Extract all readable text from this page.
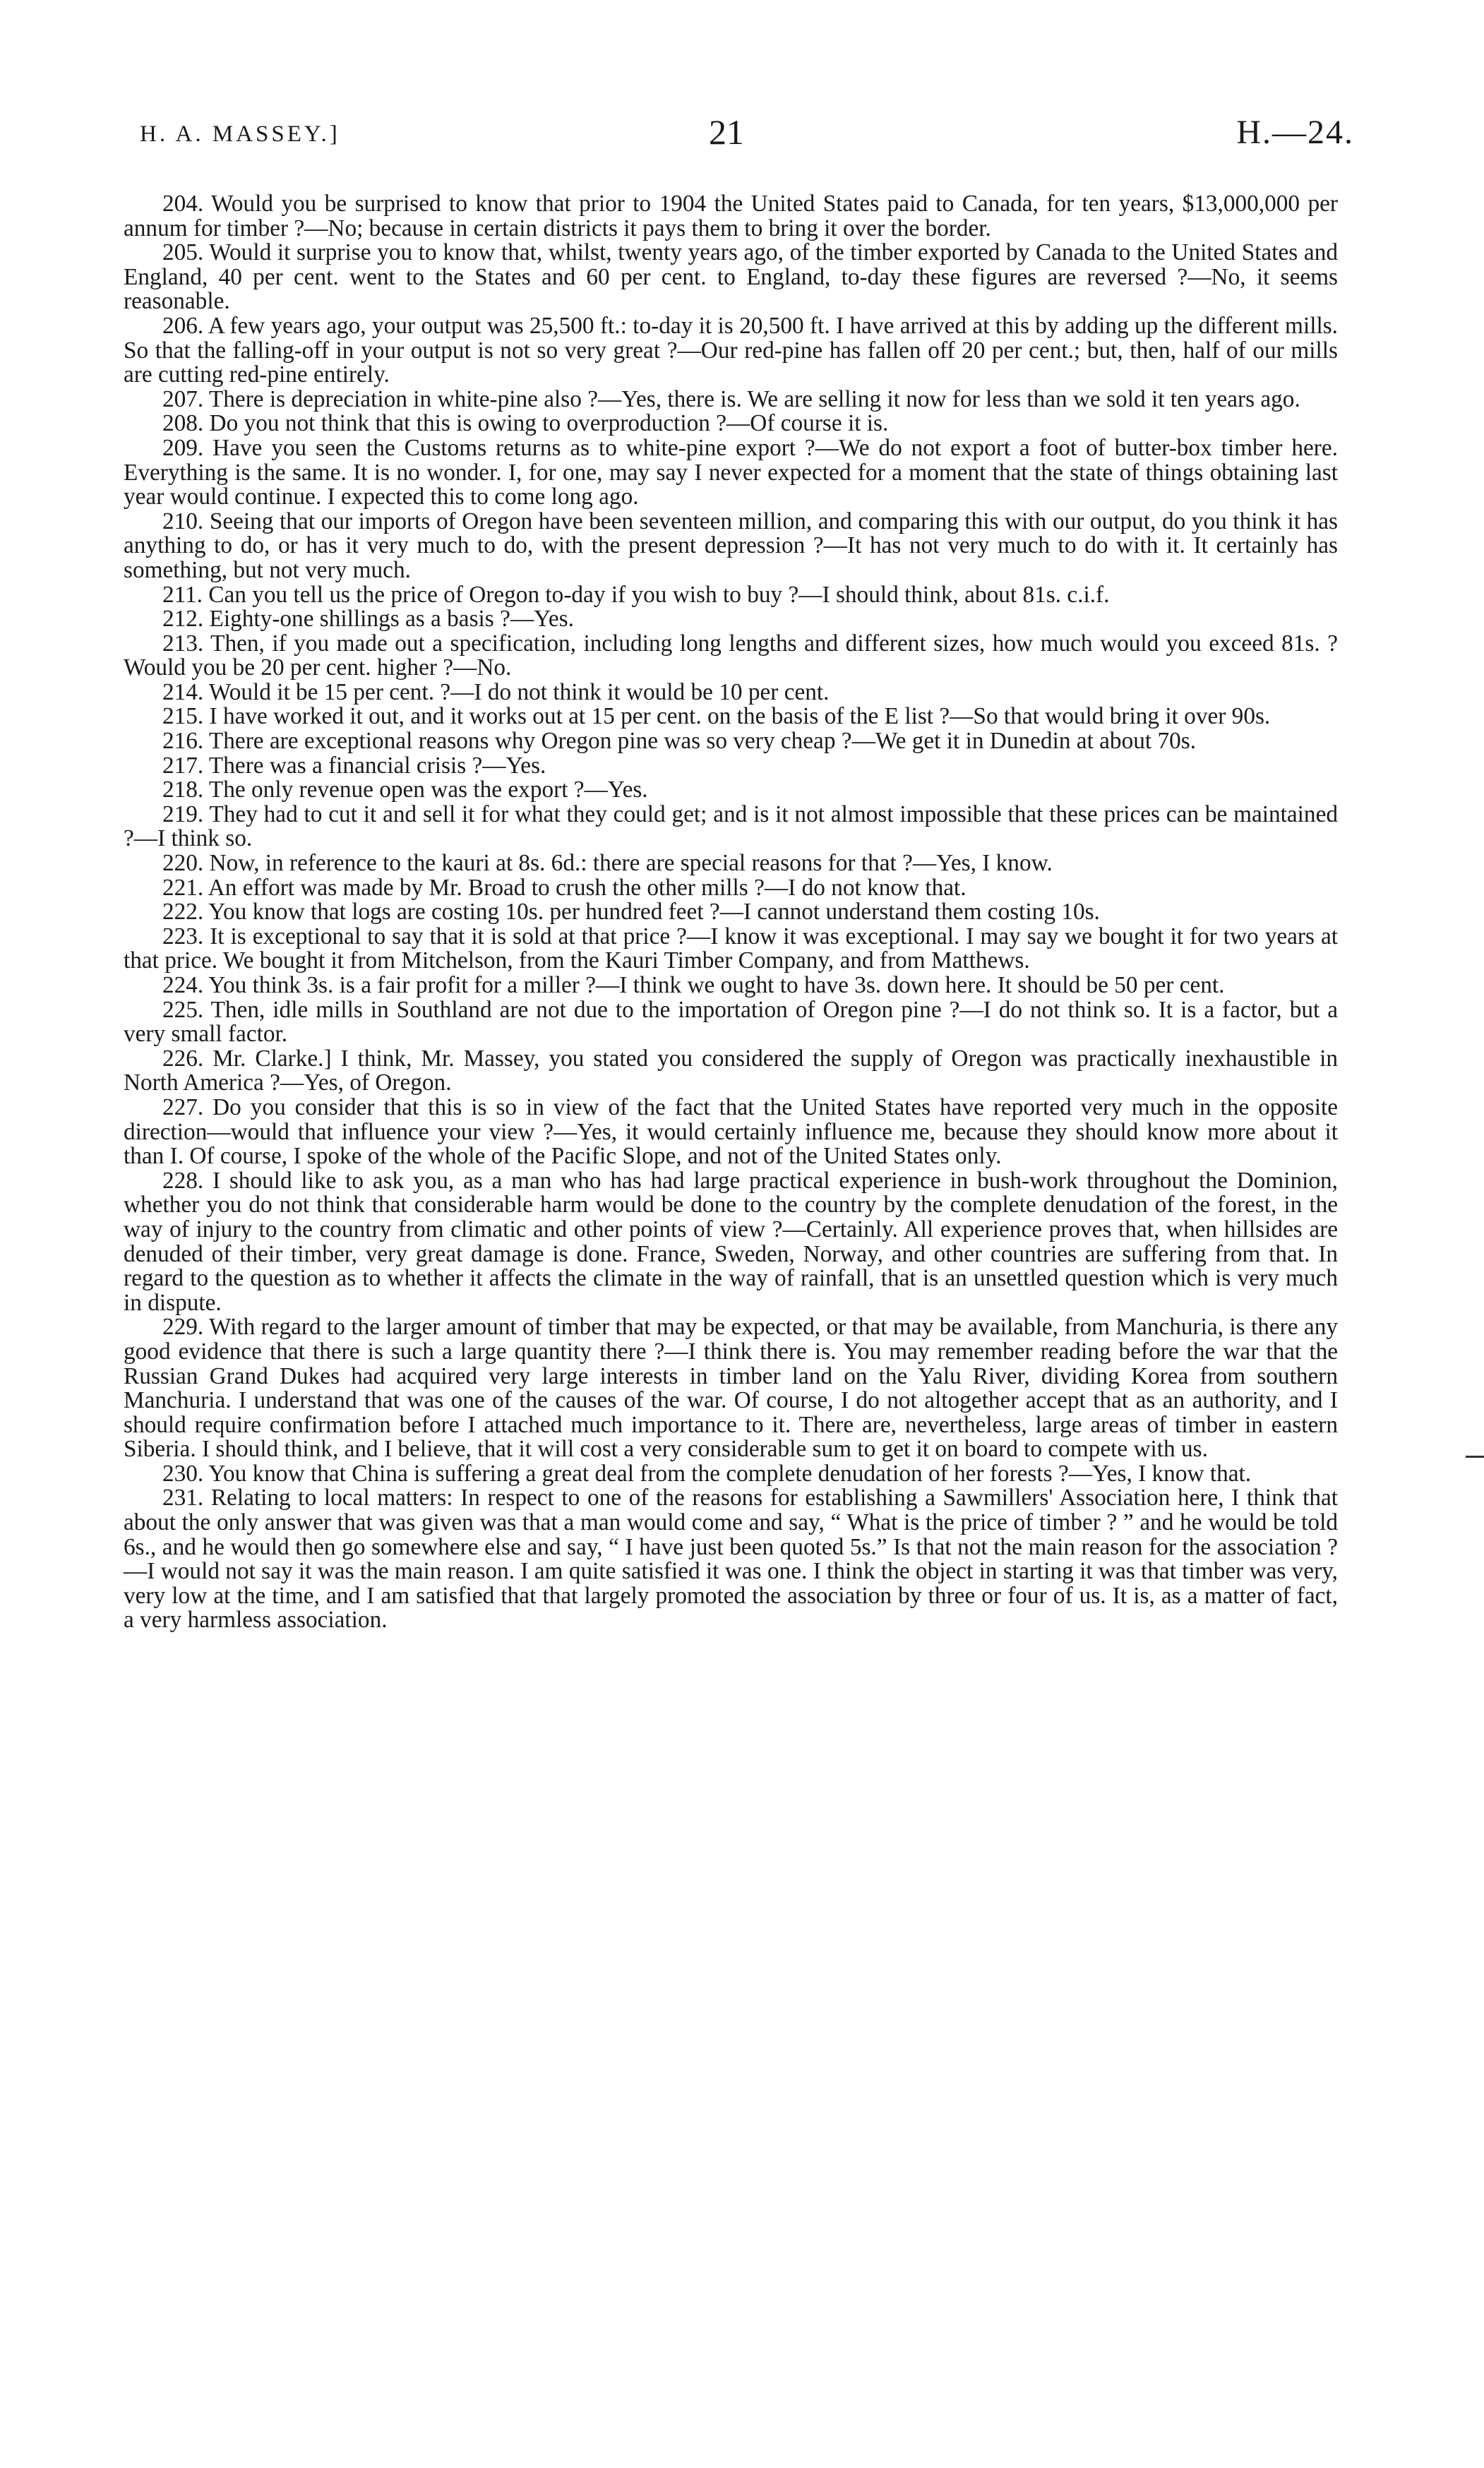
H. A. MASSEY.]	21	H.—24.

204. Would you be surprised to know that prior to 1904 the United States paid to Canada, for ten years, $13,000,000 per annum for timber ?—No; because in certain districts it pays them to bring it over the border.

205. Would it surprise you to know that, whilst, twenty years ago, of the timber exported by Canada to the United States and England, 40 per cent. went to the States and 60 per cent. to England, to-day these figures are reversed ?—No, it seems reasonable.

206. A few years ago, your output was 25,500 ft.: to-day it is 20,500 ft. I have arrived at this by adding up the different mills. So that the falling-off in your output is not so very great ?—Our red-pine has fallen off 20 per cent.; but, then, half of our mills are cutting red-pine entirely.

207. There is depreciation in white-pine also ?—Yes, there is. We are selling it now for less than we sold it ten years ago.

208. Do you not think that this is owing to overproduction ?—Of course it is.

209. Have you seen the Customs returns as to white-pine export ?—We do not export a foot of butter-box timber here. Everything is the same. It is no wonder. I, for one, may say I never expected for a moment that the state of things obtaining last year would continue. I expected this to come long ago.

210. Seeing that our imports of Oregon have been seventeen million, and comparing this with our output, do you think it has anything to do, or has it very much to do, with the present depression ?—It has not very much to do with it. It certainly has something, but not very much.

211. Can you tell us the price of Oregon to-day if you wish to buy ?—I should think, about 81s. c.i.f.

212. Eighty-one shillings as a basis ?—Yes.

213. Then, if you made out a specification, including long lengths and different sizes, how much would you exceed 81s. ? Would you be 20 per cent. higher ?—No.

214. Would it be 15 per cent. ?—I do not think it would be 10 per cent.

215. I have worked it out, and it works out at 15 per cent. on the basis of the E list ?—So that would bring it over 90s.

216. There are exceptional reasons why Oregon pine was so very cheap ?—We get it in Dunedin at about 70s.

217. There was a financial crisis ?—Yes.

218. The only revenue open was the export ?—Yes.

219. They had to cut it and sell it for what they could get; and is it not almost impossible that these prices can be maintained ?—I think so.

220. Now, in reference to the kauri at 8s. 6d.: there are special reasons for that ?—Yes, I know.

221. An effort was made by Mr. Broad to crush the other mills ?—I do not know that.

222. You know that logs are costing 10s. per hundred feet ?—I cannot understand them costing 10s.

223. It is exceptional to say that it is sold at that price ?—I know it was exceptional. I may say we bought it for two years at that price. We bought it from Mitchelson, from the Kauri Timber Company, and from Matthews.

224. You think 3s. is a fair profit for a miller ?—I think we ought to have 3s. down here. It should be 50 per cent.

225. Then, idle mills in Southland are not due to the importation of Oregon pine ?—I do not think so. It is a factor, but a very small factor.

226. Mr. Clarke.] I think, Mr. Massey, you stated you considered the supply of Oregon was practically inexhaustible in North America ?—Yes, of Oregon.

227. Do you consider that this is so in view of the fact that the United States have reported very much in the opposite direction—would that influence your view ?—Yes, it would certainly influence me, because they should know more about it than I. Of course, I spoke of the whole of the Pacific Slope, and not of the United States only.

228. I should like to ask you, as a man who has had large practical experience in bush-work throughout the Dominion, whether you do not think that considerable harm would be done to the country by the complete denudation of the forest, in the way of injury to the country from climatic and other points of view ?—Certainly. All experience proves that, when hillsides are denuded of their timber, very great damage is done. France, Sweden, Norway, and other countries are suffering from that. In regard to the question as to whether it affects the climate in the way of rainfall, that is an unsettled question which is very much in dispute.

229. With regard to the larger amount of timber that may be expected, or that may be available, from Manchuria, is there any good evidence that there is such a large quantity there ?—I think there is. You may remember reading before the war that the Russian Grand Dukes had acquired very large interests in timber land on the Yalu River, dividing Korea from southern Manchuria. I understand that was one of the causes of the war. Of course, I do not altogether accept that as an authority, and I should require confirmation before I attached much importance to it. There are, nevertheless, large areas of timber in eastern Siberia. I should think, and I believe, that it will cost a very considerable sum to get it on board to compete with us.

230. You know that China is suffering a great deal from the complete denudation of her forests ?—Yes, I know that.

231. Relating to local matters: In respect to one of the reasons for establishing a Sawmillers' Association here, I think that about the only answer that was given was that a man would come and say, “ What is the price of timber ? ” and he would be told 6s., and he would then go somewhere else and say, “ I have just been quoted 5s.” Is that not the main reason for the association ?—I would not say it was the main reason. I am quite satisfied it was one. I think the object in starting it was that timber was very, very low at the time, and I am satisfied that that largely promoted the association by three or four of us. It is, as a matter of fact, a very harmless association.
